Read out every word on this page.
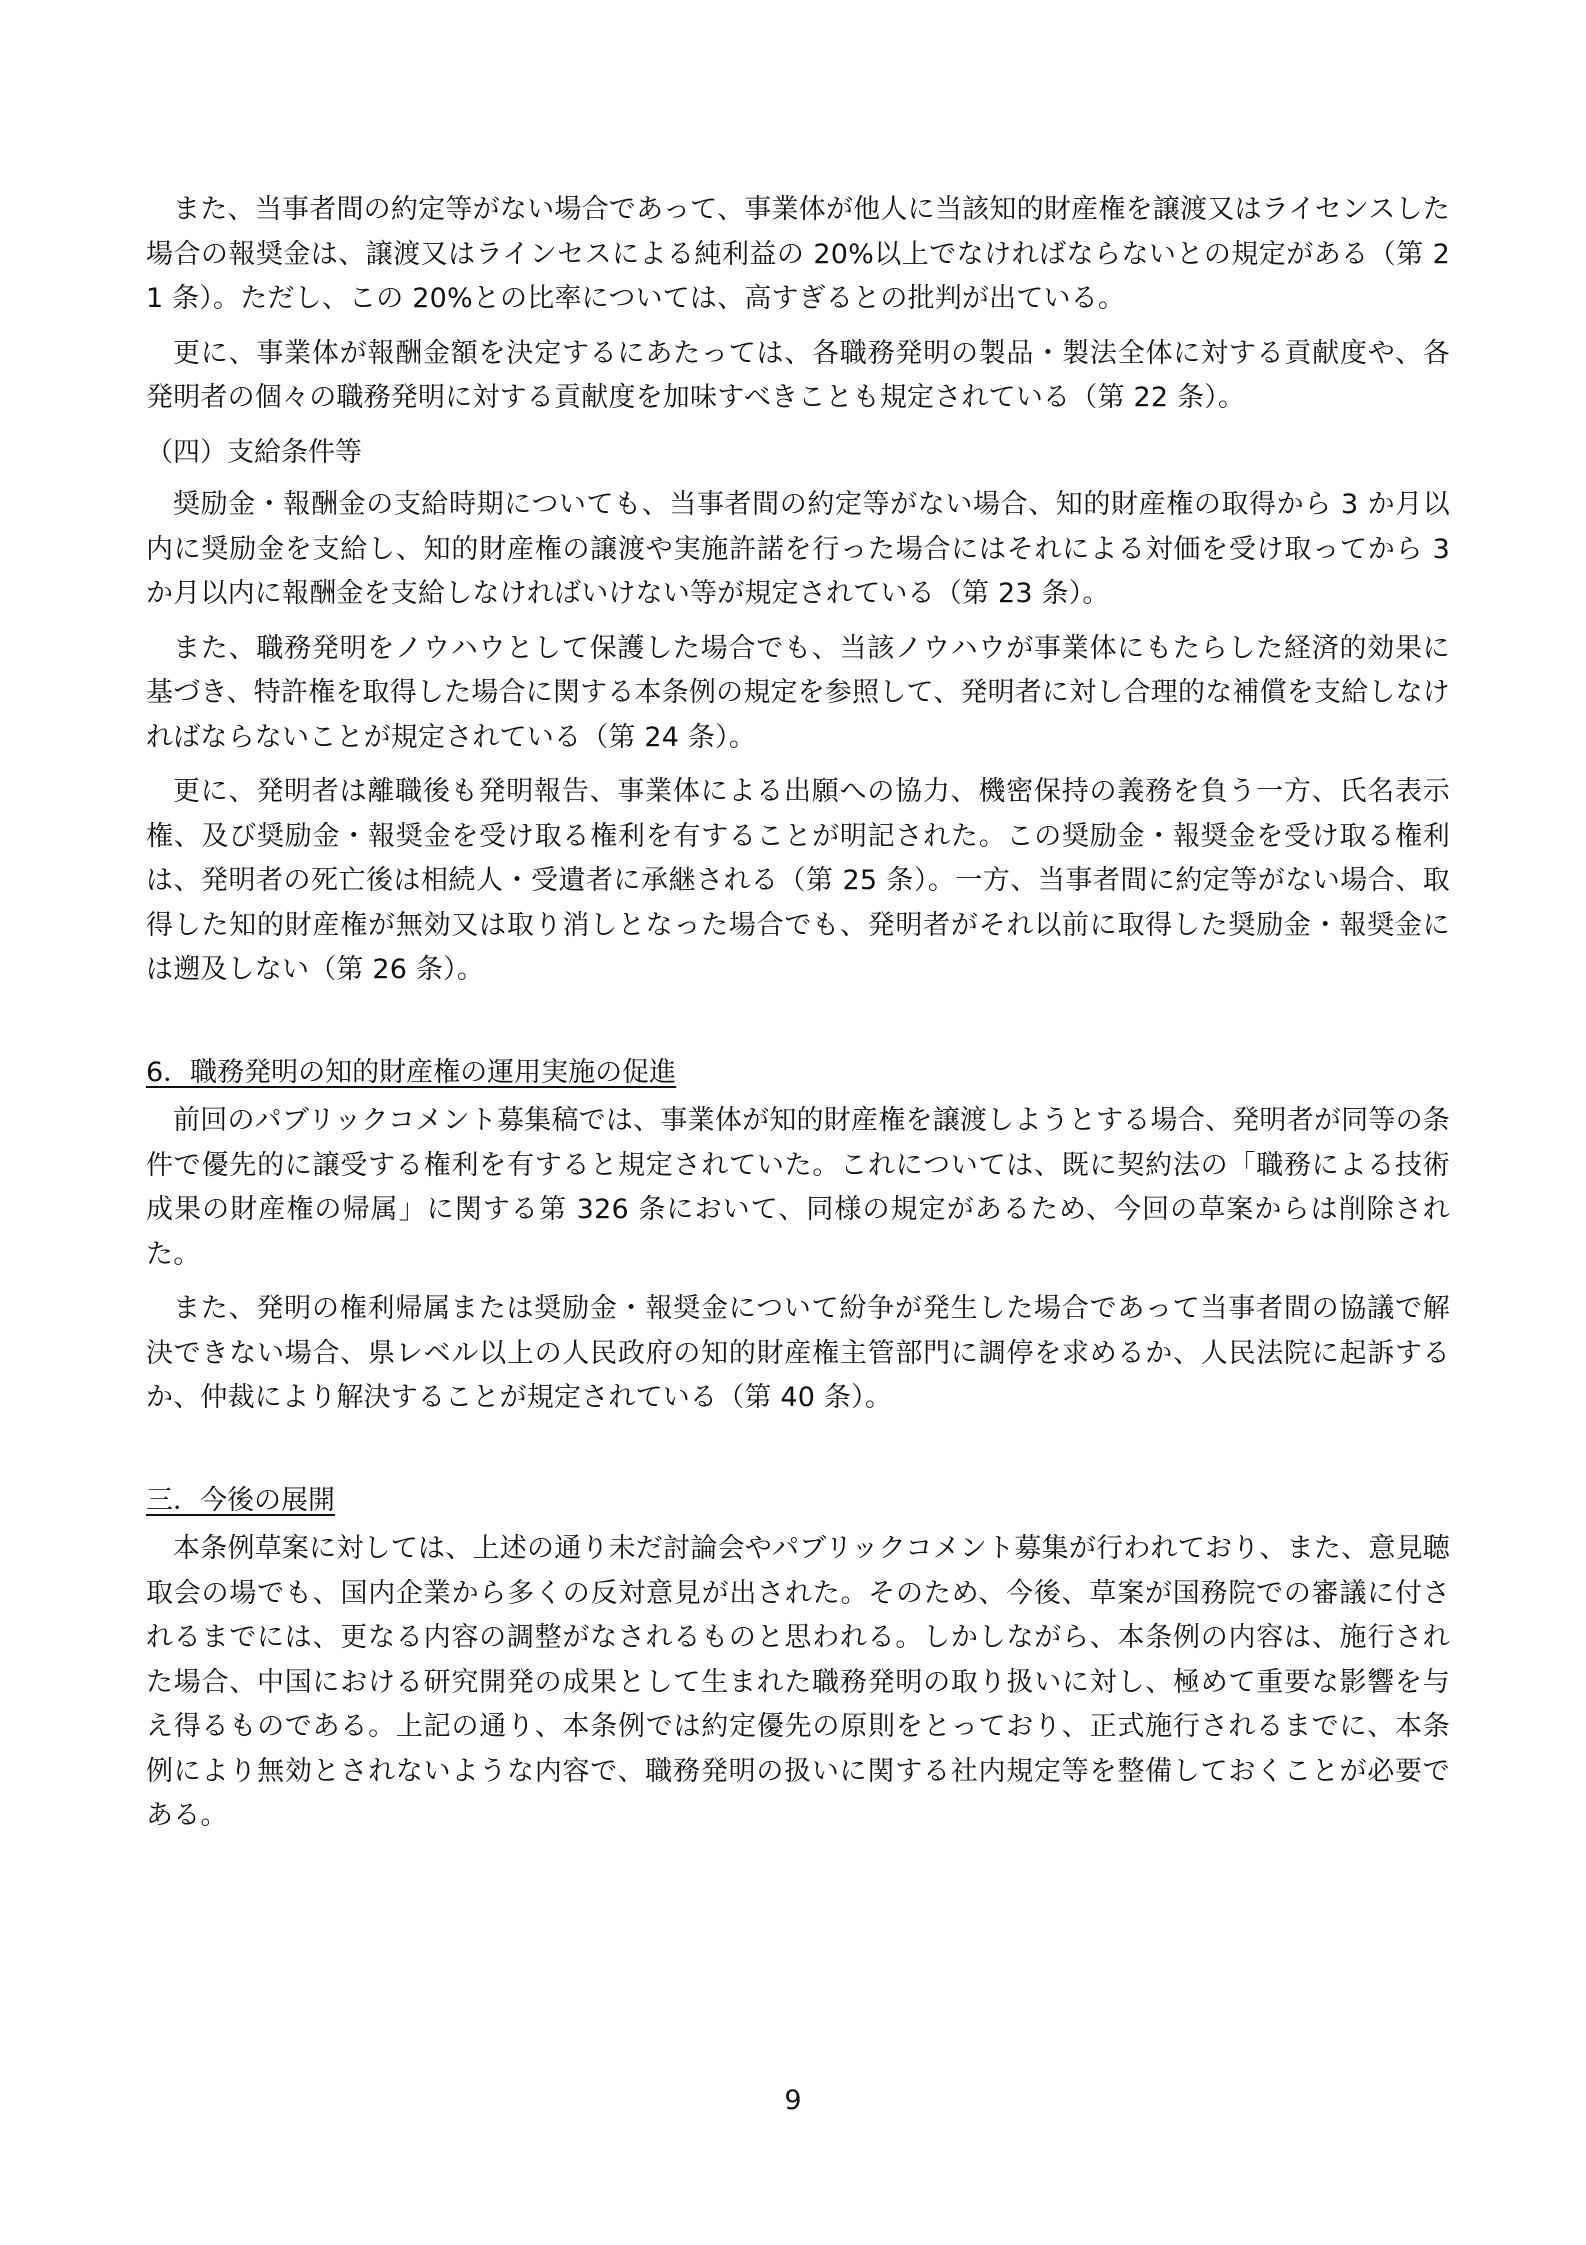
また、当事者間の約定等がない場合であって、事業体が他人に当該知的財産権を譲渡又はライセンスした場合の報奨金は、譲渡又はラインセスによる純利益の 20%以上でなければならないとの規定がある（第 21 条）。ただし、この 20%との比率については、高すぎるとの批判が出ている。

更に、事業体が報酬金額を決定するにあたっては、各職務発明の製品・製法全体に対する貢献度や、各発明者の個々の職務発明に対する貢献度を加味すべきことも規定されている（第 22 条）。

（四）支給条件等

奨励金・報酬金の支給時期についても、当事者間の約定等がない場合、知的財産権の取得から 3 か月以内に奨励金を支給し、知的財産権の譲渡や実施許諾を行った場合にはそれによる対価を受け取ってから 3 か月以内に報酬金を支給しなければいけない等が規定されている（第 23 条）。

また、職務発明をノウハウとして保護した場合でも、当該ノウハウが事業体にもたらした経済的効果に基づき、特許権を取得した場合に関する本条例の規定を参照して、発明者に対し合理的な補償を支給しなければならないことが規定されている（第 24 条）。

更に、発明者は離職後も発明報告、事業体による出願への協力、機密保持の義務を負う一方、氏名表示権、及び奨励金・報奨金を受け取る権利を有することが明記された。この奨励金・報奨金を受け取る権利は、発明者の死亡後は相続人・受遺者に承継される（第 25 条）。一方、当事者間に約定等がない場合、取得した知的財産権が無効又は取り消しとなった場合でも、発明者がそれ以前に取得した奨励金・報奨金には遡及しない（第 26 条）。

6．職務発明の知的財産権の運用実施の促進

前回のパブリックコメント募集稿では、事業体が知的財産権を譲渡しようとする場合、発明者が同等の条件で優先的に譲受する権利を有すると規定されていた。これについては、既に契約法の「職務による技術成果の財産権の帰属」に関する第 326 条において、同様の規定があるため、今回の草案からは削除された。

また、発明の権利帰属または奨励金・報奨金について紛争が発生した場合であって当事者間の協議で解決できない場合、県レベル以上の人民政府の知的財産権主管部門に調停を求めるか、人民法院に起訴するか、仲裁により解決することが規定されている（第 40 条）。

三．今後の展開

本条例草案に対しては、上述の通り未だ討論会やパブリックコメント募集が行われており、また、意見聴取会の場でも、国内企業から多くの反対意見が出された。そのため、今後、草案が国務院での審議に付されるまでには、更なる内容の調整がなされるものと思われる。しかしながら、本条例の内容は、施行された場合、中国における研究開発の成果として生まれた職務発明の取り扱いに対し、極めて重要な影響を与え得るものである。上記の通り、本条例では約定優先の原則をとっており、正式施行されるまでに、本条例により無効とされないような内容で、職務発明の扱いに関する社内規定等を整備しておくことが必要である。

9
